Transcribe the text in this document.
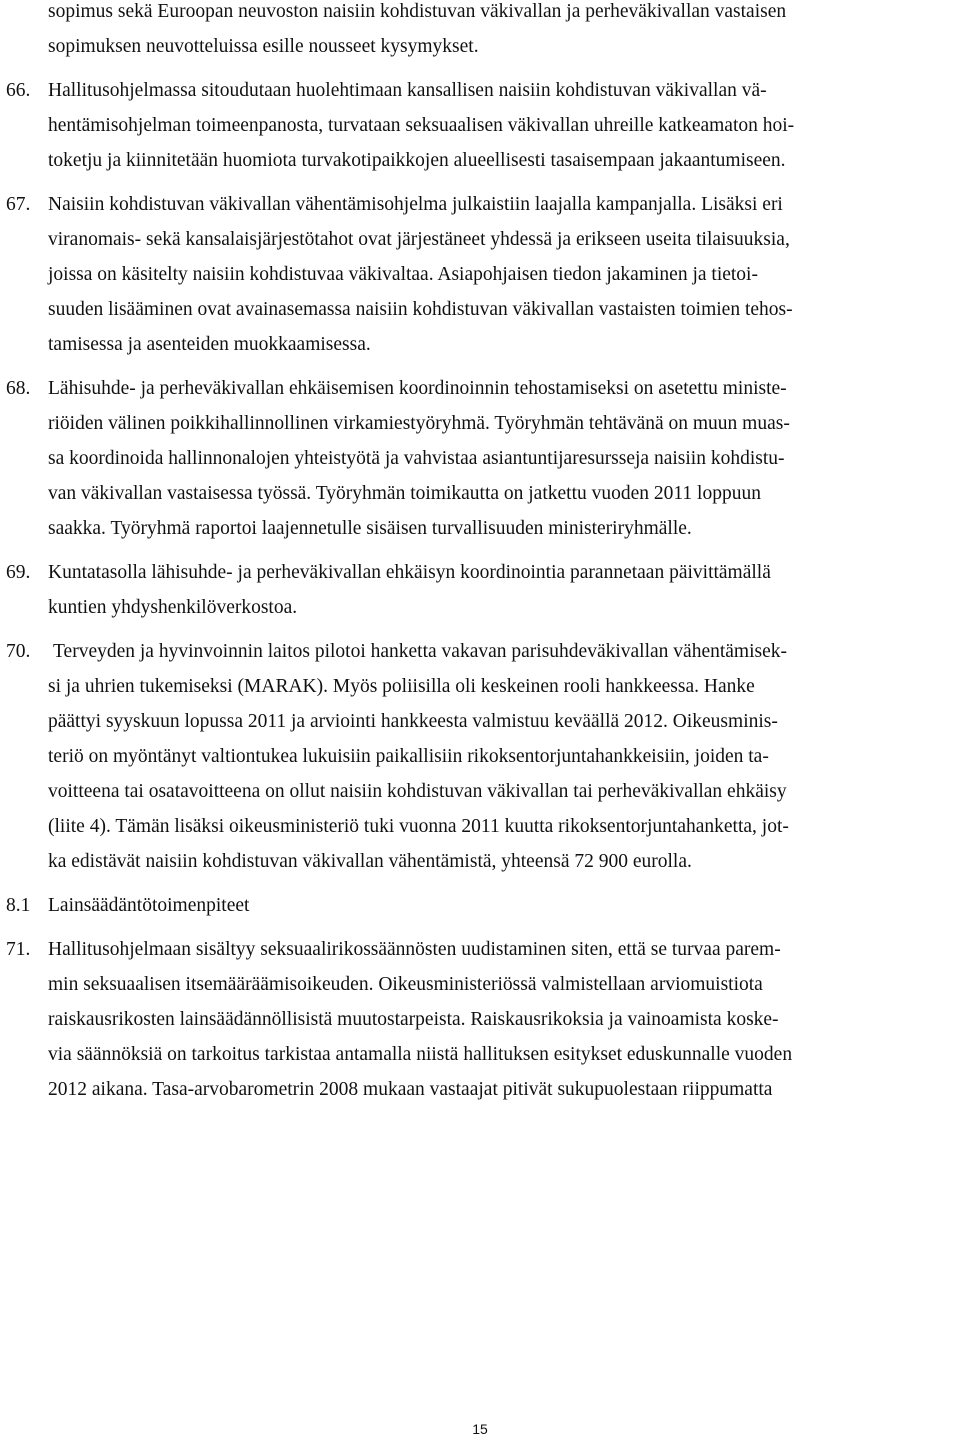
sopimus sekä Euroopan neuvoston naisiin kohdistuvan väkivallan ja perheväkivallan vastaisen
sopimuksen neuvotteluissa esille nousseet kysymykset.
66. Hallitusohjelmassa sitoudutaan huolehtimaan kansallisen naisiin kohdistuvan väkivallan vä-
hentämisohjelman toimeenpanosta, turvataan seksuaalisen väkivallan uhreille katkeamaton hoi-
toketju ja kiinnitetään huomiota turvakotipaikkojen alueellisesti tasaisempaan jakaantumiseen.
67. Naisiin kohdistuvan väkivallan vähentämisohjelma julkaistiin laajalla kampanjalla. Lisäksi eri
viranomais- sekä kansalaisjärjestötahot ovat järjestäneet yhdessä ja erikseen useita tilaisuuksia,
joissa on käsitelty naisiin kohdistuvaa väkivaltaa. Asiapohjaisen tiedon jakaminen ja tietoi-
suuden lisääminen ovat avainasemassa naisiin kohdistuvan väkivallan vastaisten toimien tehos-
tamisessa ja asenteiden muokkaamisessa.
68. Lähisuhde- ja perheväkivallan ehkäisemisen koordinoinnin tehostamiseksi on asetettu ministe-
riöiden välinen poikkihallinnollinen virkamiestyöryhmä. Työryhmän tehtävänä on muun muas-
sa koordinoida hallinnonalojen yhteistyötä ja vahvistaa asiantuntijaresursseja naisiin kohdistu-
van väkivallan vastaisessa työssä. Työryhmän toimikautta on jatkettu vuoden 2011 loppuun
saakka. Työryhmä raportoi laajennetulle sisäisen turvallisuuden ministeriryhmälle.
69. Kuntatasolla lähisuhde- ja perheväkivallan ehkäisyn koordinointia parannetaan päivittämällä
kuntien yhdyshenkilöverkostoa.
70. Terveyden ja hyvinvoinnin laitos pilotoi hanketta vakavan parisuhdeväkivallan vähentämisek-
si ja uhrien tukemiseksi (MARAK). Myös poliisilla oli keskeinen rooli hankkeessa. Hanke
päättyi syyskuun lopussa 2011 ja arviointi hankkeesta valmistuu keväällä 2012. Oikeusminis-
teriö on myöntänyt valtiontukea lukuisiin paikallisiin rikoksentorjuntahankkeisiin, joiden ta-
voitteena tai osatavoitteena on ollut naisiin kohdistuvan väkivallan tai perheväkivallan ehkäisy
(liite 4). Tämän lisäksi oikeusministeriö tuki vuonna 2011 kuutta rikoksentorjuntahanketta, jot-
ka edistävät naisiin kohdistuvan väkivallan vähentämistä, yhteensä 72 900 eurolla.
8.1 Lainsäädäntötoimenpiteet
71. Hallitusohjelmaan sisältyy seksuaalirikossäännösten uudistaminen siten, että se turvaa parem-
min seksuaalisen itsemääräämisoikeuden. Oikeusministeriössä valmistellaan arviomuistiota
raiskausrikosten lainsäädännöllisistä muutostarpeista. Raiskausrikoksia ja vainoamista koske-
via säännöksiä on tarkoitus tarkistaa antamalla niistä hallituksen esitykset eduskunnalle vuoden
2012 aikana. Tasa-arvobarometrin 2008 mukaan vastaajat pitivät sukupuolestaan riippumatta
15
